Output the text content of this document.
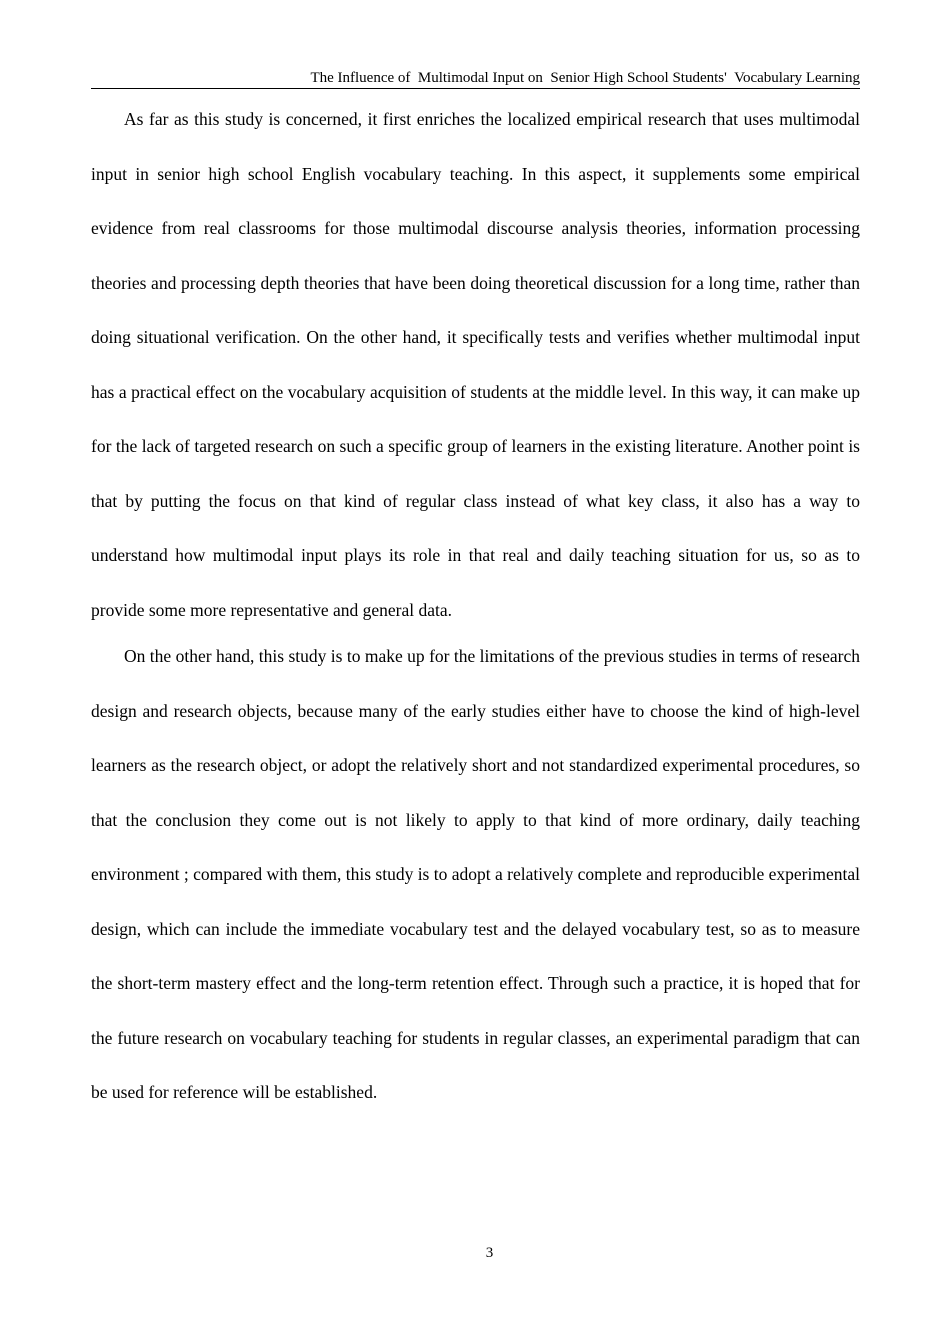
The Influence of  Multimodal Input on  Senior High School Students'  Vocabulary Learning

As far as this study is concerned, it first enriches the localized empirical research that uses multimodal input in senior high school English vocabulary teaching. In this aspect, it supplements some empirical evidence from real classrooms for those multimodal discourse analysis theories, information processing theories and processing depth theories that have been doing theoretical discussion for a long time, rather than doing situational verification. On the other hand, it specifically tests and verifies whether multimodal input has a practical effect on the vocabulary acquisition of students at the middle level. In this way, it can make up for the lack of targeted research on such a specific group of learners in the existing literature. Another point is that by putting the focus on that kind of regular class instead of what key class, it also has a way to understand how multimodal input plays its role in that real and daily teaching situation for us, so as to provide some more representative and general data.

On the other hand, this study is to make up for the limitations of the previous studies in terms of research design and research objects, because many of the early studies either have to choose the kind of high-level learners as the research object, or adopt the relatively short and not standardized experimental procedures, so that the conclusion they come out is not likely to apply to that kind of more ordinary, daily teaching environment ; compared with them, this study is to adopt a relatively complete and reproducible experimental design, which can include the immediate vocabulary test and the delayed vocabulary test, so as to measure the short-term mastery effect and the long-term retention effect. Through such a practice, it is hoped that for the future research on vocabulary teaching for students in regular classes, an experimental paradigm that can be used for reference will be established.

3
